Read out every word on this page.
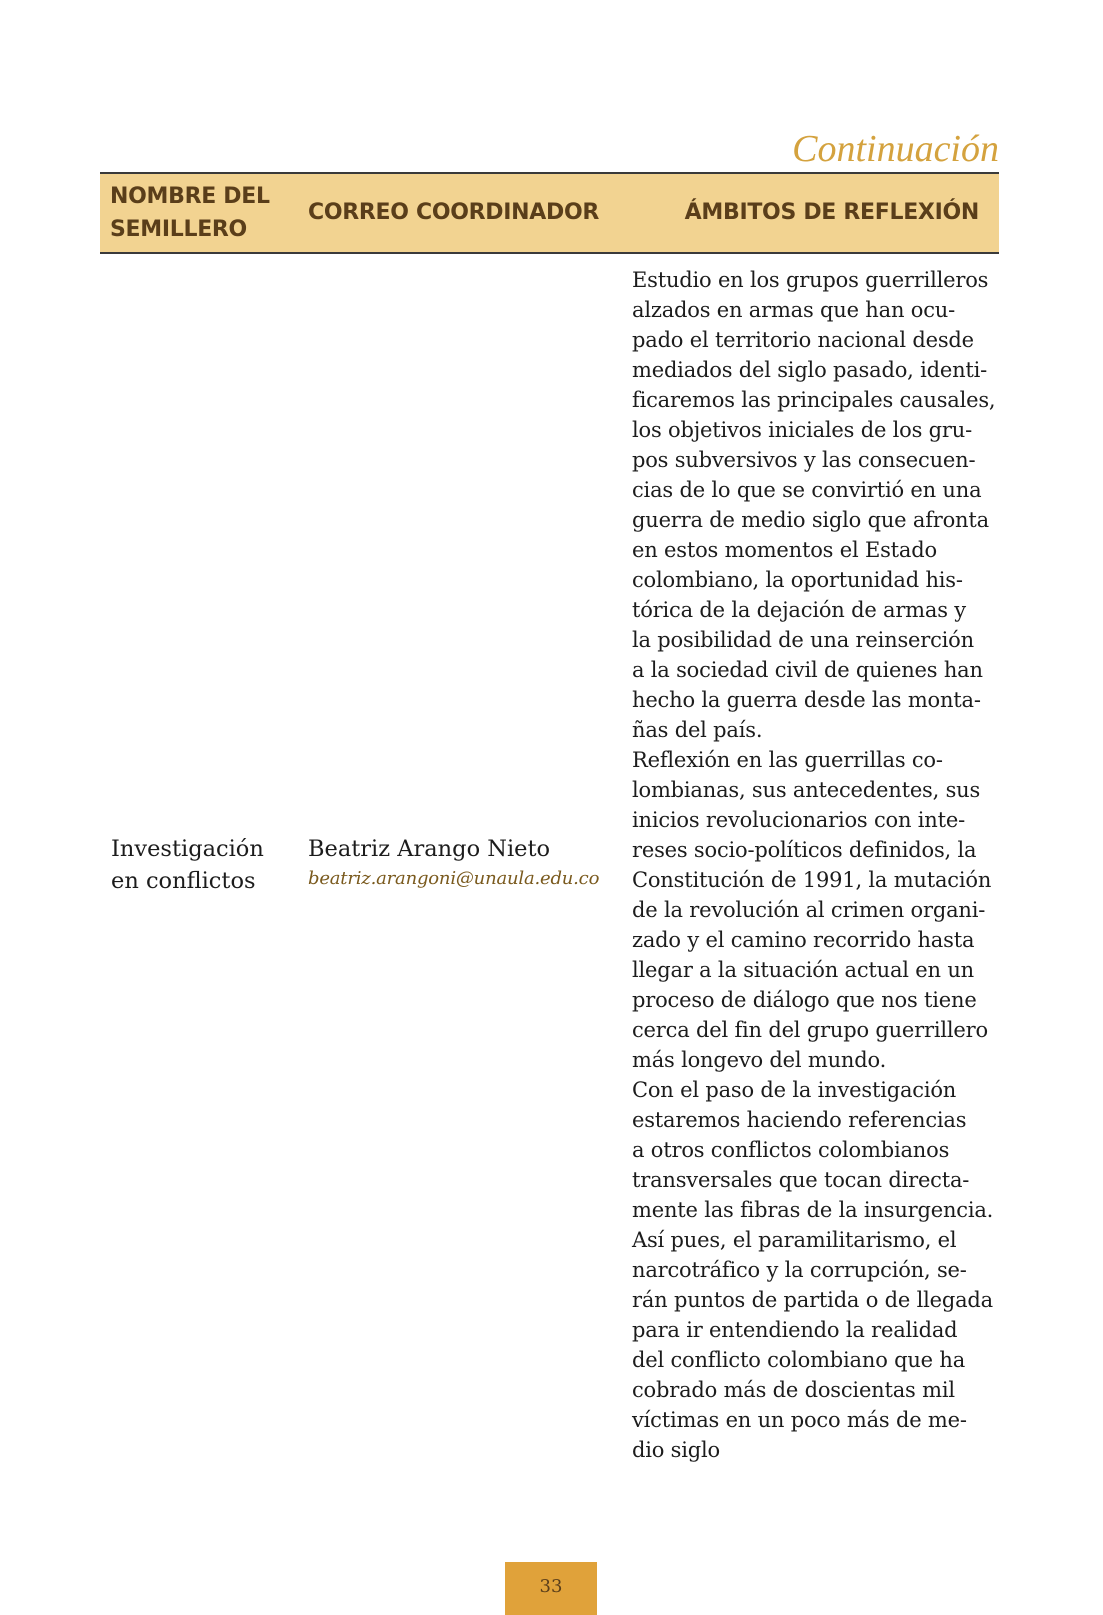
Continuación
NOMBRE DEL
SEMILLERO
CORREO COORDINADOR	ÁMBITOS DE REFLEXIÓN
Investigación
en conflictos
Beatriz Arango Nieto
beatriz.arangoni@unaula.edu.co
Estudio en los grupos guerrilleros
alzados en armas que han ocu-
pado el territorio nacional desde
mediados del siglo pasado, identi-
ficaremos las principales causales,
los objetivos iniciales de los gru-
pos subversivos y las consecuen-
cias de lo que se convirtió en una
guerra de medio siglo que afronta
en estos momentos el Estado
colombiano, la oportunidad his-
tórica de la dejación de armas y
la posibilidad de una reinserción
a la sociedad civil de quienes han
hecho la guerra desde las monta-
ñas del país.
Reflexión en las guerrillas co-
lombianas, sus antecedentes, sus
inicios revolucionarios con inte-
reses socio-políticos definidos, la
Constitución de 1991, la mutación
de la revolución al crimen organi-
zado y el camino recorrido hasta
llegar a la situación actual en un
proceso de diálogo que nos tiene
cerca del fin del grupo guerrillero
más longevo del mundo.
Con el paso de la investigación
estaremos haciendo referencias
a otros conflictos colombianos
transversales que tocan directa-
mente las fibras de la insurgencia.
Así pues, el paramilitarismo, el
narcotráfico y la corrupción, se-
rán puntos de partida o de llegada
para ir entendiendo la realidad
del conflicto colombiano que ha
cobrado más de doscientas mil
víctimas en un poco más de me-
dio siglo
33
